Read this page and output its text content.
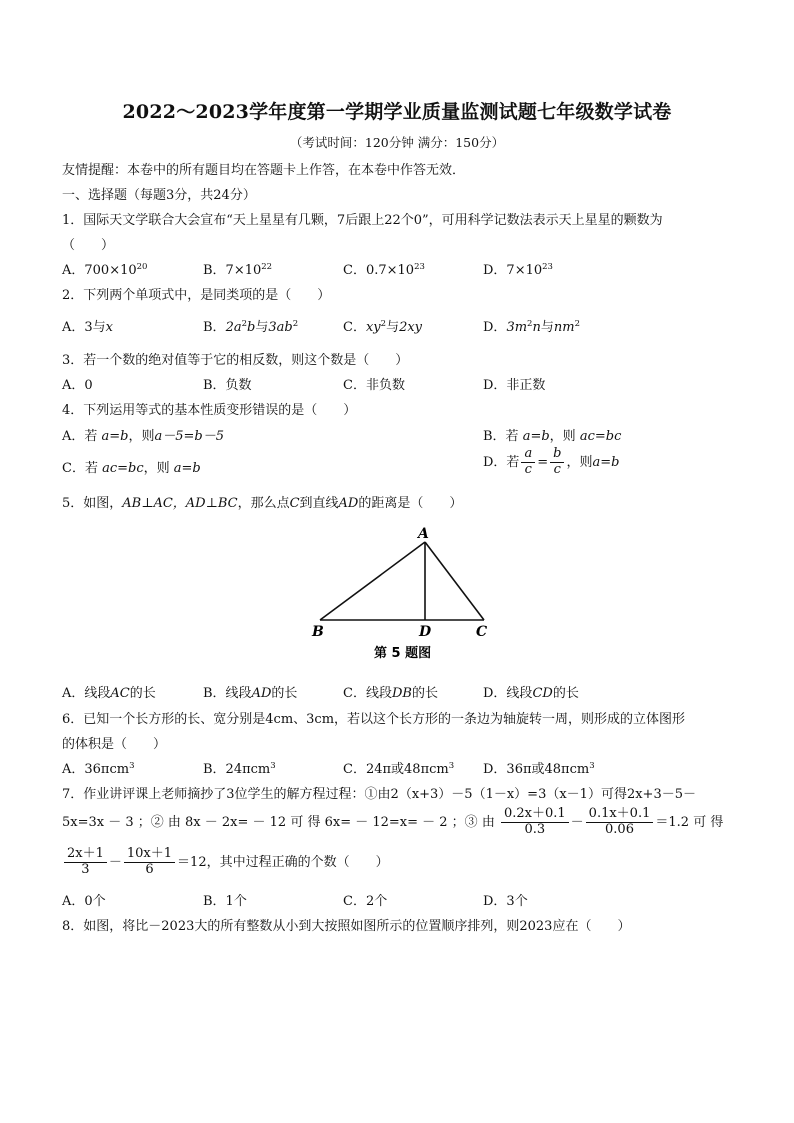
2022～2023学年度第一学期学业质量监测试题七年级数学试卷
（考试时间：120分钟 满分：150分）
友情提醒：本卷中的所有题目均在答题卡上作答，在本卷中作答无效．
一、选择题（每题3分，共24分）
1．国际天文学联合大会宣布“天上星星有几颗，7后跟上22个0”，可用科学记数法表示天上星星的颗数为
（　　）
A．$700\times 10^{20}$	B．$7\times 10^{22}$	C．$0.7\times 10^{23}$	D．$7\times 10^{23}$
2．下列两个单项式中，是同类项的是（　　）
A．3与x	B．$2a^2b$与$3ab^2$	C．$xy^2$与2xy	D．$3m^2n$与$nm^2$
3．若一个数的绝对值等于它的相反数，则这个数是（　　）
A．0	B．负数	C．非负数	D．非正数
4．下列运用等式的基本性质变形错误的是（　　）
A．若 a=b，则a－5=b－5	B．若 a=b，则 ac=bc
C．若 ac=bc，则 a=b	D．若 $\frac{a}{c} = \frac{b}{c}$ ，则a=b
5．如图，AB⊥AC，AD⊥BC，那么点C到直线AD的距离是（　　）
A
B	D	C
第 5 题图
A．线段AC的长	B．线段AD的长	C．线段DB的长	D．线段CD的长
6．已知一个长方形的长、宽分别是4cm、3cm，若以这个长方形的一条边为轴旋转一周，则形成的立体图形
的体积是（　　）
A．36πcm$^3$	B．24πcm$^3$	C．24π或48πcm$^3$ D．36π或48πcm$^3$
7．作业讲评课上老师摘抄了3位学生的解方程过程：①由2（x+3）－5（1－x）=3（x－1）可得2x+3－5－
5x=3x － 3 ；② 由 8x － 2x= － 12 可 得 6x= － 12=x= － 2 ；③ 由 $\frac{0.2x+0.1}{0.3} - \frac{0.1x+0.1}{0.06} =1.2$ 可 得
$\frac{2x+1}{3} - \frac{10x+1}{6} =12$，其中过程正确的个数（　　）
A．0个	B．1个	C．2个	D．3个
8．如图，将比－2023大的所有整数从小到大按照如图所示的位置顺序排列，则2023应在（　　）
